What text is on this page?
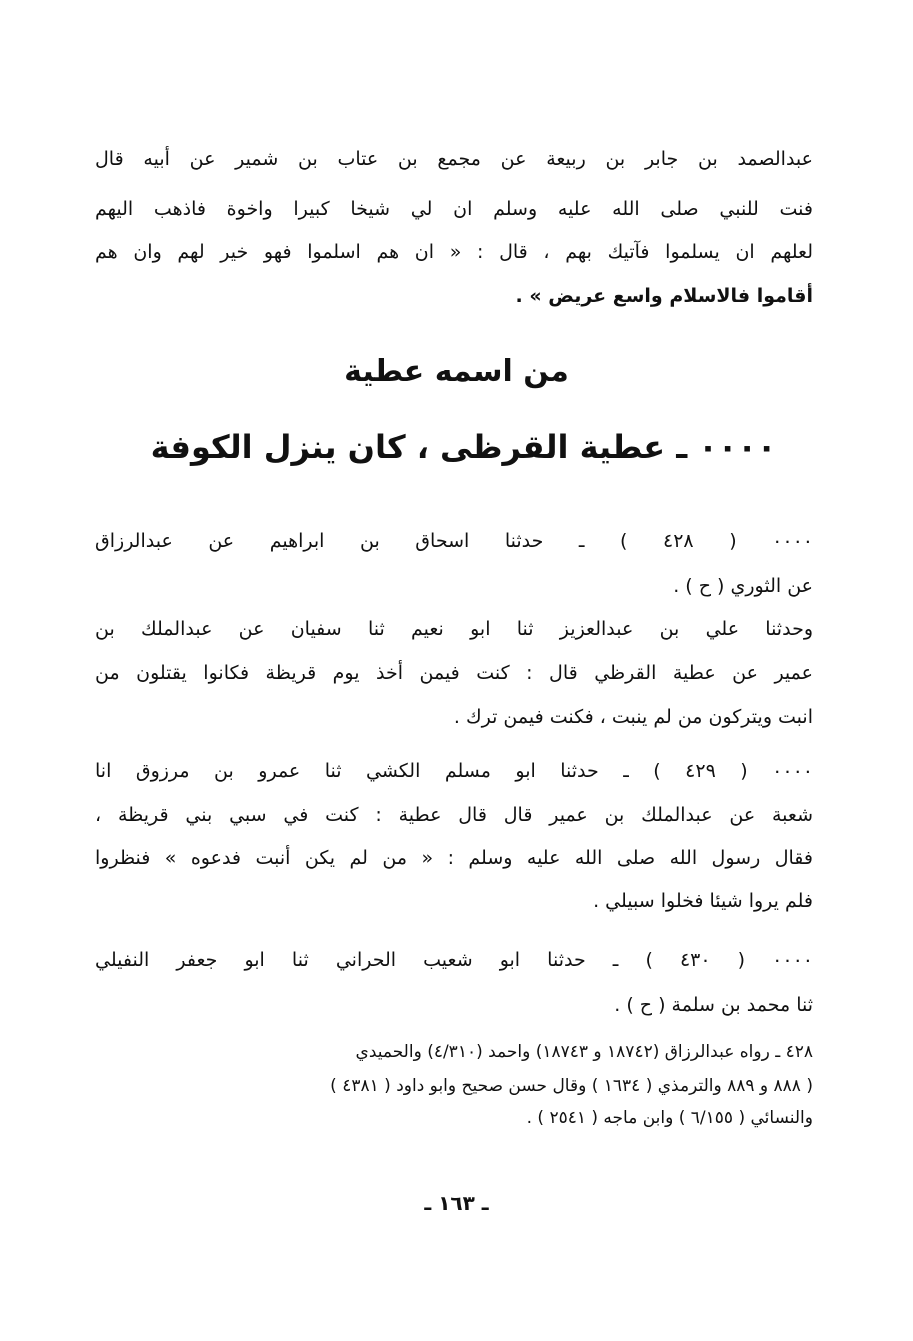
عبدالصمد بن جابر بن ربيعة عن مجمع بن عتاب بن شمير عن أبيه قال
فنت للنبي صلى الله عليه وسلم ان لي شيخا كبيرا واخوة فاذهب اليهم
لعلهم ان يسلموا فآتيك بهم ، قال : « ان هم اسلموا فهو خير لهم وان هم
أقاموا فالاسلام واسع عريض » .
من اسمه عطية
٠٠٠٠ ـ عطية القرظى ، كان ينزل الكوفة
٠٠٠٠ ( ٤٢٨ ) ـ حدثنا اسحاق بن ابراهيم عن عبدالرزاق
عن الثوري ( ح ) .
وحدثنا علي بن عبدالعزيز ثنا ابو نعيم ثنا سفيان عن عبدالملك بن
عمير عن عطية القرظي قال : كنت فيمن أخذ يوم قريظة فكانوا يقتلون من
انبت ويتركون من لم ينبت ، فكنت فيمن ترك .
٠٠٠٠ ( ٤٢٩ ) ـ حدثنا ابو مسلم الكشي ثنا عمرو بن مرزوق انا
شعبة عن عبدالملك بن عمير قال قال عطية : كنت في سبي بني قريظة ،
فقال رسول الله صلى الله عليه وسلم : « من لم يكن أنبت فدعوه » فنظروا
فلم يروا شيئا فخلوا سبيلي .
٠٠٠٠ ( ٤٣٠ ) ـ حدثنا ابو شعيب الحراني ثنا ابو جعفر النفيلي
ثنا محمد بن سلمة ( ح ) .
٤٢٨ ـ رواه عبدالرزاق (١٨٧٤٢ و ١٨٧٤٣) واحمد (٤/٣١٠) والحميدي
( ٨٨٨ و ٨٨٩ والترمذي ( ١٦٣٤ ) وقال حسن صحيح وابو داود ( ٤٣٨١ )
والنسائي ( ٦/١٥٥ ) وابن ماجه ( ٢٥٤١ ) .
ـ ١٦٣ ـ
